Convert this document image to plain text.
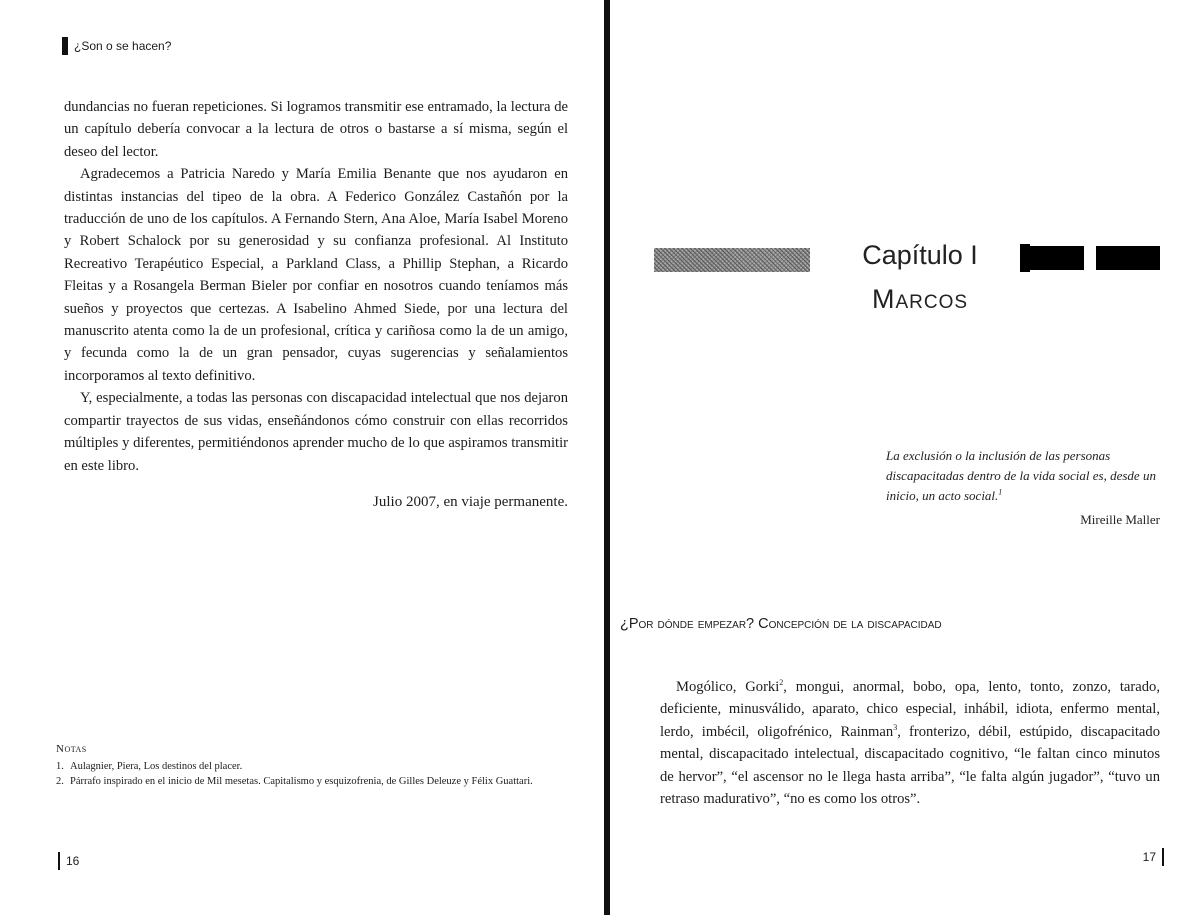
¿Son o se hacen?

dundancias no fueran repeticiones. Si logramos transmitir ese entramado, la lectura de un capítulo debería convocar a la lectura de otros o bastarse a sí misma, según el deseo del lector.

Agradecemos a Patricia Naredo y María Emilia Benante que nos ayudaron en distintas instancias del tipeo de la obra. A Federico González Castañón por la traducción de uno de los capítulos. A Fernando Stern, Ana Aloe, María Isabel Moreno y Robert Schalock por su generosidad y su confianza profesional. Al Instituto Recreativo Terapéutico Especial, a Parkland Class, a Phillip Stephan, a Ricardo Fleitas y a Rosangela Berman Bieler por confiar en nosotros cuando teníamos más sueños y proyectos que certezas. A Isabelino Ahmed Siede, por una lectura del manuscrito atenta como la de un profesional, crítica y cariñosa como la de un amigo, y fecunda como la de un gran pensador, cuyas sugerencias y señalamientos incorporamos al texto definitivo.

Y, especialmente, a todas las personas con discapacidad intelectual que nos dejaron compartir trayectos de sus vidas, enseñándonos cómo construir con ellas recorridos múltiples y diferentes, permitiéndonos aprender mucho de lo que aspiramos transmitir en este libro.

Julio 2007, en viaje permanente.
Notas
1. Aulagnier, Piera, Los destinos del placer.
2. Párrafo inspirado en el inicio de Mil mesetas. Capitalismo y esquizofrenia, de Gilles Deleuze y Félix Guattari.
16
Capítulo I
Marcos
La exclusión o la inclusión de las personas discapacitadas dentro de la vida social es, desde un inicio, un acto social.$^1$
Mireille Maller
¿Por dónde empezar? Concepción de la discapacidad

Mogólico, Gorki$^2$, mongui, anormal, bobo, opa, lento, tonto, zonzo, tarado, deficiente, minusválido, aparato, chico especial, inhábil, idiota, enfermo mental, lerdo, imbécil, oligofrénico, Rainman$^3$, fronterizo, débil, estúpido, discapacitado mental, discapacitado intelectual, discapacitado cognitivo, “le faltan cinco minutos de hervor”, “el ascensor no le llega hasta arriba”, “le falta algún jugador”, “tuvo un retraso madurativo”, “no es como los otros”.

17
